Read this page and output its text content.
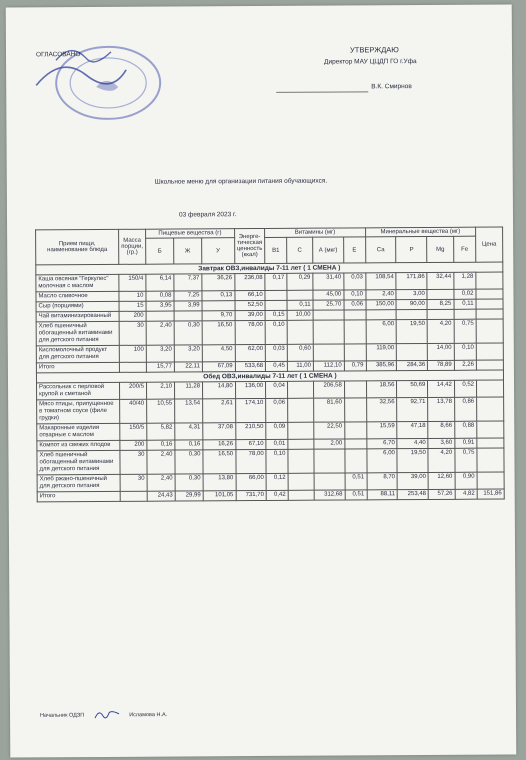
ОГЛАСОВАНО
УТВЕРЖДАЮ
Директор МАУ ЦЦДП ГО г.Уфа
В.К. Смирнов
Школьное меню для организации питания обучающихся.
03 февраля 2023 г.
Прием пищи, наименование блюда	Масса порции, (гр.)	Пищевые вещества (г)			Энерге-тическая ценность (ккал)	Витамины (мг)				Минеральные вещества (мг)				Цена
		Б	Ж	У		В1	С	А (мкг)	Е	Са	Р	Mg	Fe	
Завтрак ОВЗ,инвалиды 7-11 лет ( 1 СМЕНА )														
Каша овсяная "Геркулес" молочная с маслом	150/4	6,14	7,37	36,26	236,08	0,17	0,29	31,40	0,03	108,54	171,86	32,44	1,28	
Масло сливочное	10	0,08	7,25	0,13	66,10			45,00	0,10	2,40	3,00		0,02	
Сыр (порциями)	15	3,95	3,99		52,50		0,11	25,70	0,06	150,00	90,00	8,25	0,11	
Чай витаминизированный	200			9,70	39,00	0,15	10,00							
Хлеб пшеничный обогащенный витаминами для детского питания	30	2,40	0,30	16,50	78,00	0,10				6,00	19,50	4,20	0,75	
Кисломолочный продукт для детского питания	100	3,20	3,20	4,50	62,00	0,03	0,60			119,00		14,00	0,10	
Итого		15,77	22,11	67,09	533,68	0,45	11,00	112,10	0,79	385,96	284,36	78,89	2,26	
Обед ОВЗ,инвалиды 7-11 лет ( 1 СМЕНА )														
Рассольник с перловой крупой и сметаной	200/5	2,10	11,28	14,80	136,00	0,04		206,58		18,56	50,69	14,42	0,52	
Мясо птицы, припущенное в томатном соусе (филе грудки)	40/40	10,55	13,54	2,61	174,10	0,06		81,60		32,56	92,71	13,78	0,86	
Макаронные изделия отварные с маслом	150/5	5,82	4,31	37,08	210,50	0,09		22,50		15,59	47,18	8,66	0,88	
Компот из свежих плодов	200	0,16	0,16	16,26	67,10	0,01		2,00		6,70	4,40	3,60	0,91	
Хлеб пшеничный обогащенный витаминами для детского питания	30	2,40	0,30	16,50	78,00	0,10				6,00	19,50	4,20	0,75	
Хлеб ржано-пшеничный для детского питания	30	2,40	0,30	13,80	66,00	0,12			0,51	8,70	39,00	12,60	0,90	
Итого		24,43	29,99	101,05	731,70	0,42		312,68	0,51	88,11	253,48	57,26	4,82	151,86
Начальник ОДЗП	Исламова Н.А.
